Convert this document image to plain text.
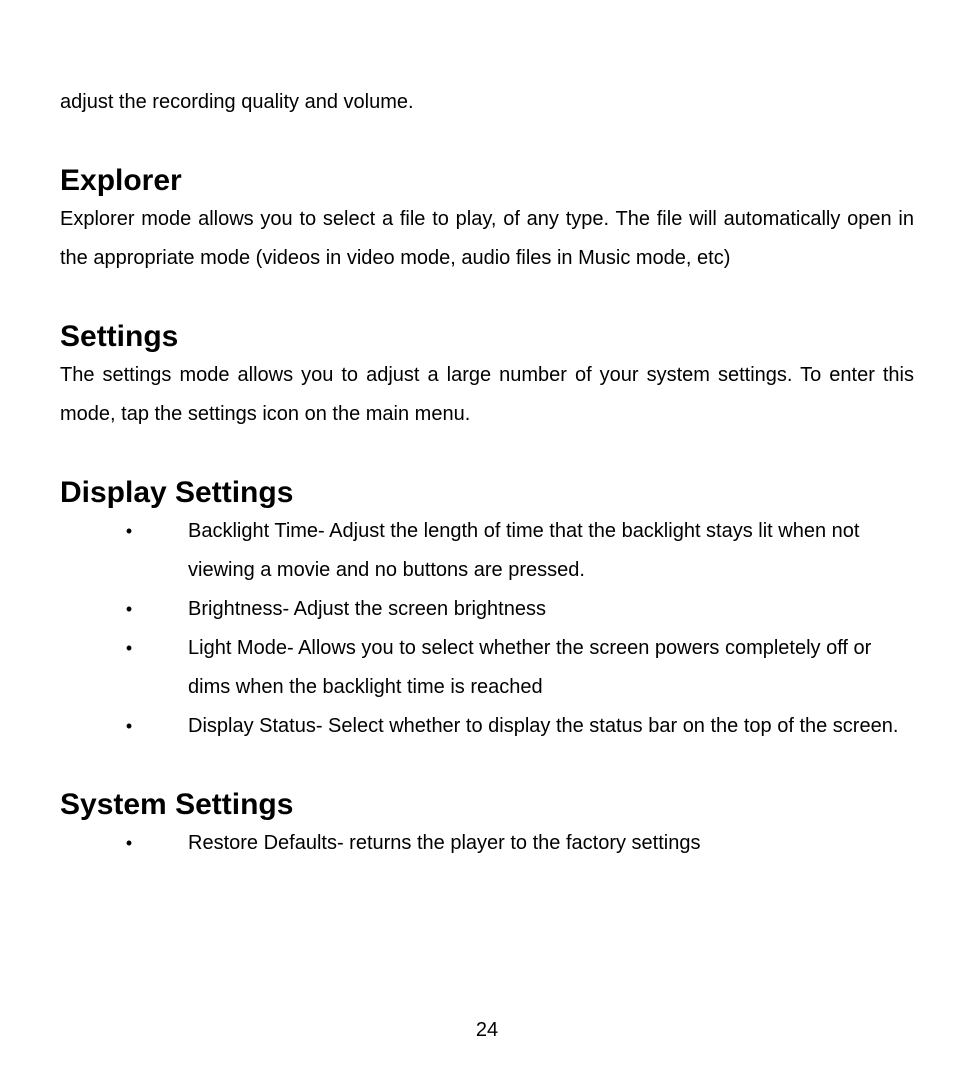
adjust the recording quality and volume.

Explorer

Explorer mode allows you to select a file to play, of any type. The file will automatically open in the appropriate mode (videos in video mode, audio files in Music mode, etc)

Settings

The settings mode allows you to adjust a large number of your system settings. To enter this mode, tap the settings icon on the main menu.

Display Settings
•	Backlight Time- Adjust the length of time that the backlight stays lit when not viewing a movie and no buttons are pressed.
•	Brightness- Adjust the screen brightness
•	Light Mode- Allows you to select whether the screen powers completely off or dims when the backlight time is reached
•	Display Status- Select whether to display the status bar on the top of the screen.
System Settings
•	Restore Defaults- returns the player to the factory settings
24
